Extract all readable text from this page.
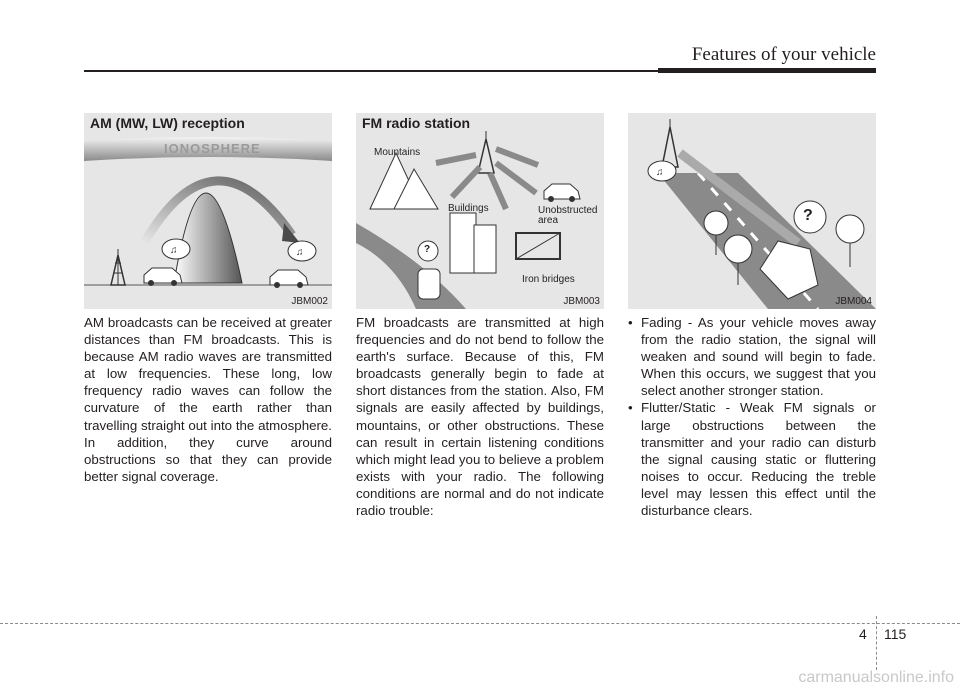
Features of your vehicle
♫	♫
AM (MW, LW) reception
IONOSPHERE
JBM002
FM radio station
Mountains
Buildings	Unobstructed
area
Iron bridges
?
JBM003
♫
?
JBM004
AM broadcasts can be received at greater distances than FM broadcasts. This is because AM radio waves are transmitted at low frequencies. These long, low frequency radio waves can follow the curvature of the earth rather than travelling straight out into the atmosphere. In addition, they curve around obstructions so that they can provide better signal coverage.
FM broadcasts are transmitted at high frequencies and do not bend to follow the earth's surface. Because of this, FM broadcasts generally begin to fade at short distances from the station. Also, FM signals are easily affected by buildings, mountains, or other obstructions. These can result in certain listening conditions which might lead you to believe a problem exists with your radio. The following conditions are normal and do not indicate radio trouble:
• Fading - As your vehicle moves away from the radio station, the signal will weaken and sound will begin to fade. When this occurs, we suggest that you select another stronger station.
• Flutter/Static - Weak FM signals or large obstructions between the transmitter and your radio can disturb the signal causing static or fluttering noises to occur. Reducing the treble level may lessen this effect until the disturbance clears.
4 115
carmanualsonline.info
